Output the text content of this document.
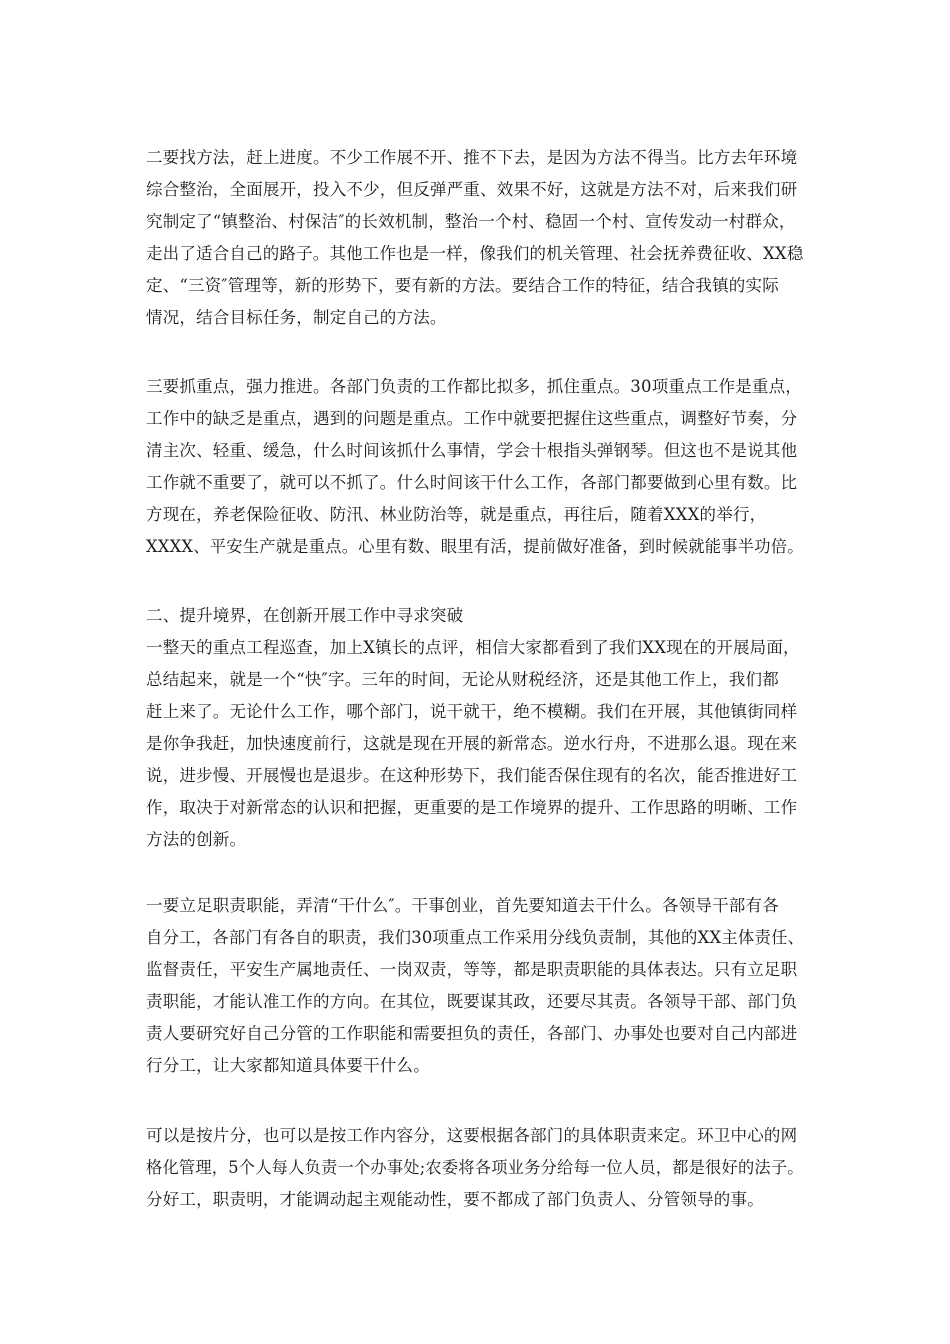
二要找方法，赶上进度。不少工作展不开、推不下去，是因为方法不得当。比方去年环境
综合整治，全面展开，投入不少，但反弹严重、效果不好，这就是方法不对，后来我们研
究制定了“镇整治、村保洁″的长效机制，整治一个村、稳固一个村、宣传发动一村群众，
走出了适合自己的路子。其他工作也是一样，像我们的机关管理、社会抚养费征收、XX稳
定、“三资″管理等，新的形势下，要有新的方法。要结合工作的特征，结合我镇的实际
情况，结合目标任务，制定自己的方法。
三要抓重点，强力推进。各部门负责的工作都比拟多，抓住重点。30项重点工作是重点，
工作中的缺乏是重点，遇到的问题是重点。工作中就要把握住这些重点，调整好节奏，分
清主次、轻重、缓急，什么时间该抓什么事情，学会十根指头弹钢琴。但这也不是说其他
工作就不重要了，就可以不抓了。什么时间该干什么工作，各部门都要做到心里有数。比
方现在，养老保险征收、防汛、林业防治等，就是重点，再往后，随着XXX的举行，
XXXX、平安生产就是重点。心里有数、眼里有活，提前做好准备，到时候就能事半功倍。
二、提升境界，在创新开展工作中寻求突破
一整天的重点工程巡查，加上X镇长的点评，相信大家都看到了我们XX现在的开展局面，
总结起来，就是一个“快″字。三年的时间，无论从财税经济，还是其他工作上，我们都
赶上来了。无论什么工作，哪个部门，说干就干，绝不模糊。我们在开展，其他镇街同样
是你争我赶，加快速度前行，这就是现在开展的新常态。逆水行舟，不进那么退。现在来
说，进步慢、开展慢也是退步。在这种形势下，我们能否保住现有的名次，能否推进好工
作，取决于对新常态的认识和把握，更重要的是工作境界的提升、工作思路的明晰、工作
方法的创新。
一要立足职责职能，弄清“干什么″。干事创业，首先要知道去干什么。各领导干部有各
自分工，各部门有各自的职责，我们30项重点工作采用分线负责制，其他的XX主体责任、
监督责任，平安生产属地责任、一岗双责，等等，都是职责职能的具体表达。只有立足职
责职能，才能认准工作的方向。在其位，既要谋其政，还要尽其责。各领导干部、部门负
责人要研究好自己分管的工作职能和需要担负的责任，各部门、办事处也要对自己内部进
行分工，让大家都知道具体要干什么。
可以是按片分，也可以是按工作内容分，这要根据各部门的具体职责来定。环卫中心的网
格化管理，5个人每人负责一个办事处;农委将各项业务分给每一位人员，都是很好的法子。
分好工，职责明，才能调动起主观能动性，要不都成了部门负责人、分管领导的事。
